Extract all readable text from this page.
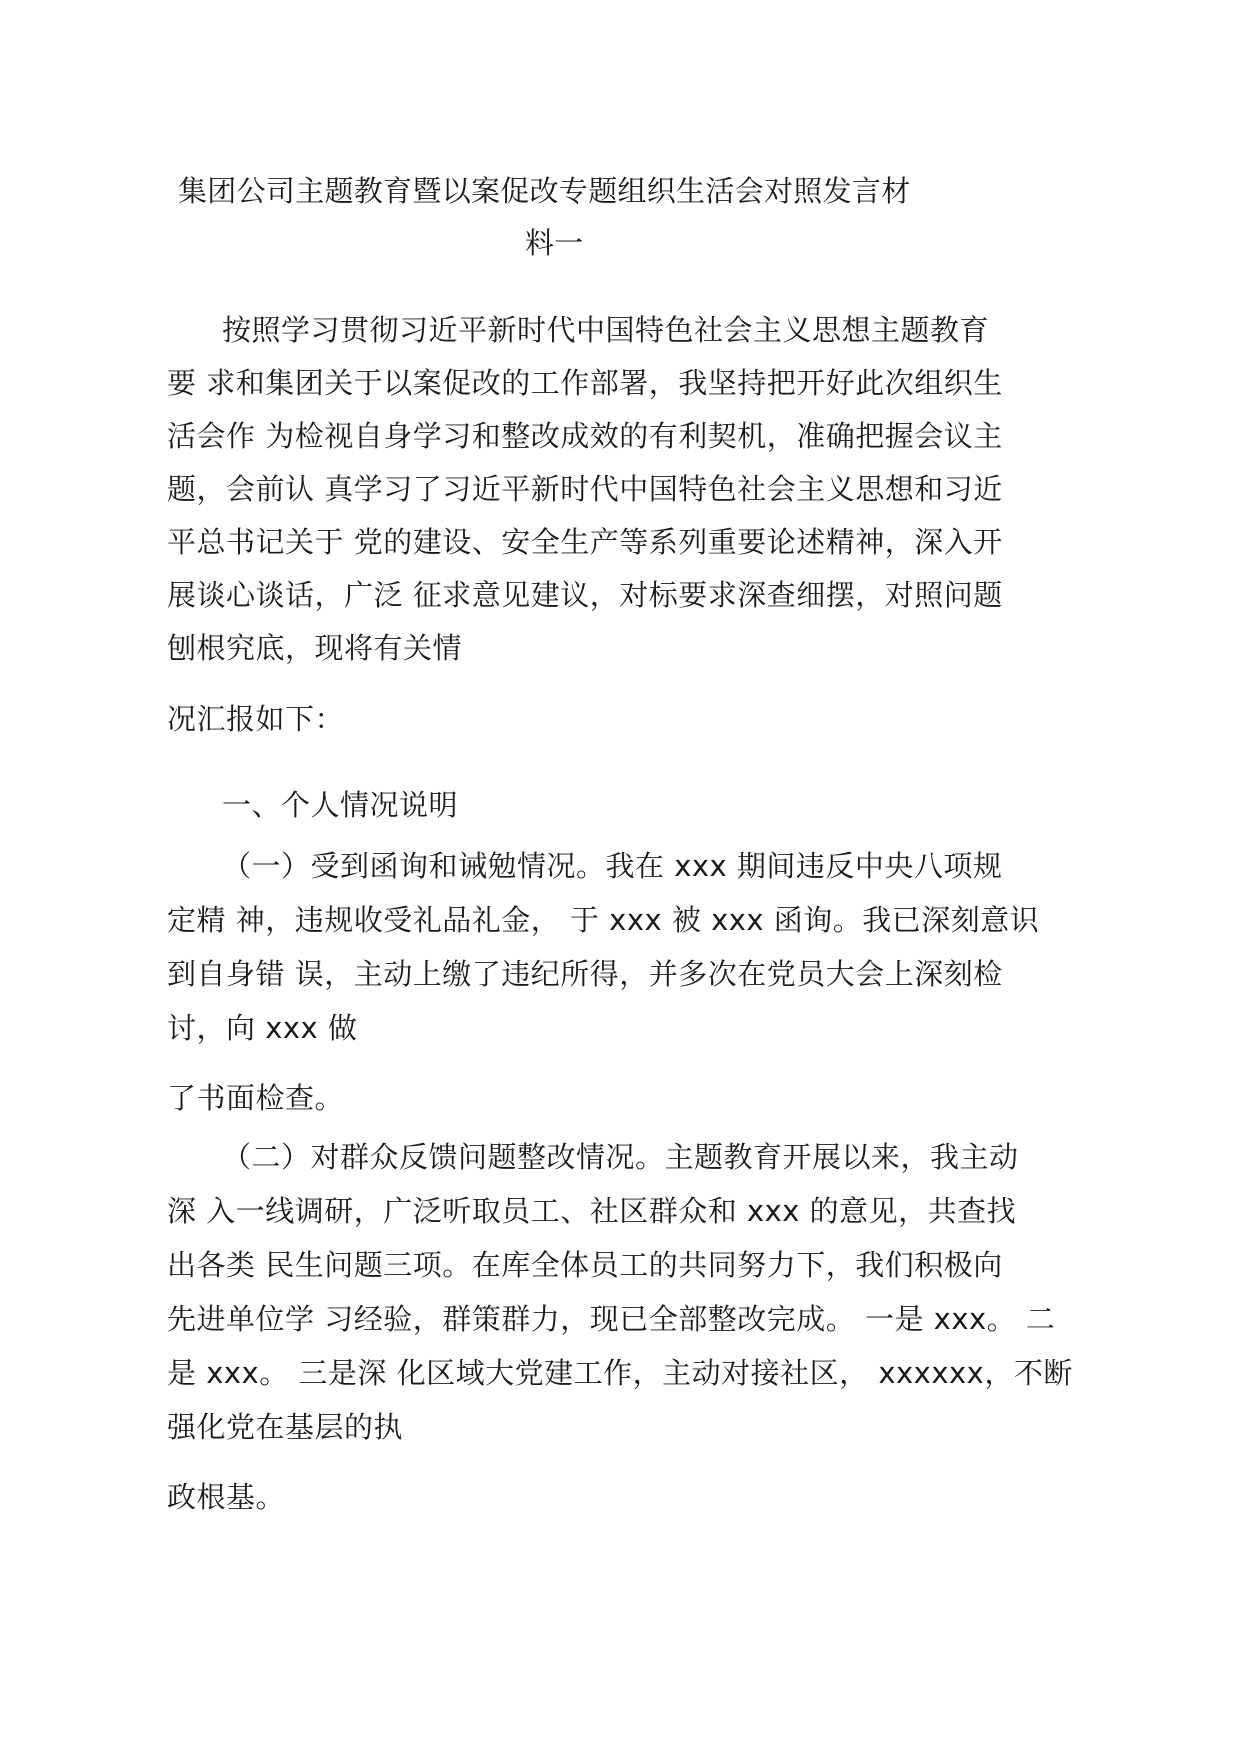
集团公司主题教育暨以案促改专题组织生活会对照发言材
料一
按照学习贯彻习近平新时代中国特色社会主义思想主题教育
要 求和集团关于以案促改的工作部署，我坚持把开好此次组织生
活会作 为检视自身学习和整改成效的有利契机，准确把握会议主
题，会前认 真学习了习近平新时代中国特色社会主义思想和习近
平总书记关于 党的建设、安全生产等系列重要论述精神，深入开
展谈心谈话，广泛 征求意见建议，对标要求深查细摆，对照问题
刨根究底，现将有关情
况汇报如下：
一、个人情况说明
（一）受到函询和诫勉情况。我在 xxx 期间违反中央八项规
定精 神，违规收受礼品礼金， 于 xxx 被 xxx 函询。我已深刻意识
到自身错 误，主动上缴了违纪所得，并多次在党员大会上深刻检
讨，向 xxx 做
了书面检查。
（二）对群众反馈问题整改情况。主题教育开展以来，我主动
深 入一线调研，广泛听取员工、社区群众和 xxx 的意见，共查找
出各类 民生问题三项。在库全体员工的共同努力下，我们积极向
先进单位学 习经验，群策群力，现已全部整改完成。 一是 xxx。 二
是 xxx。 三是深 化区域大党建工作，主动对接社区， xxxxxx，不断
强化党在基层的执
政根基。
